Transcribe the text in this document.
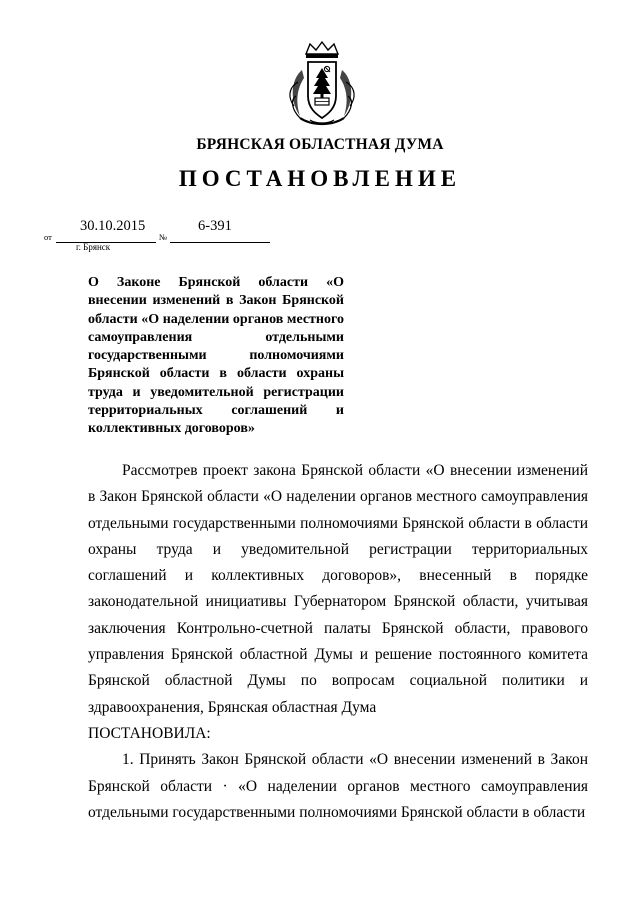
БРЯНСКАЯ ОБЛАСТНАЯ ДУМА
ПОСТАНОВЛЕНИЕ
от
30.10.2015
№
6-391
г. Брянск

О Законе Брянской области «О внесении изменений в Закон Брянской области «О наделении органов местного самоуправления отдельными государственными полномочиями Брянской области в области охраны труда и уведомительной регистрации территориальных соглашений и коллективных договоров»

Рассмотрев проект закона Брянской области «О внесении изменений в Закон Брянской области «О наделении органов местного самоуправления отдельными государственными полномочиями Брянской области в области охраны труда и уведомительной регистрации территориальных соглашений и коллективных договоров», внесенный в порядке законодательной инициативы Губернатором Брянской области, учитывая заключения Контрольно-счетной палаты Брянской области, правового управления Брянской областной Думы и решение постоянного комитета Брянской областной Думы по вопросам социальной политики и здравоохранения, Брянская областная Дума

ПОСТАНОВИЛА:

1. Принять Закон Брянской области «О внесении изменений в Закон Брянской области · «О наделении органов местного самоуправления отдельными государственными полномочиями Брянской области в области
